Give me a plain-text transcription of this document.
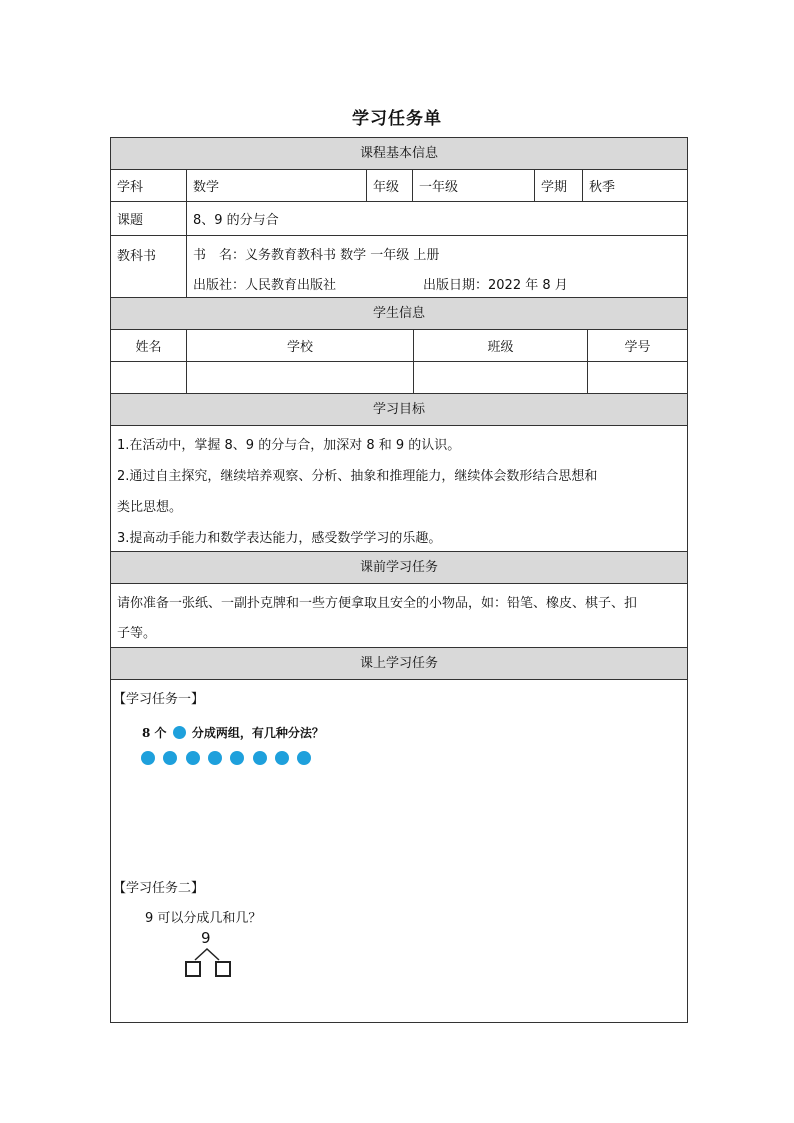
学习任务单
课程基本信息
学科	数学	年级	一年级	学期	秋季
课题	8、9 的分与合
教科书	书　名：义务教育教科书 数学 一年级 上册
出版社：人民教育出版社	出版日期：2022 年 8 月
学生信息
姓名	学校	班级	学号
学习目标
1.在活动中，掌握 8、9 的分与合，加深对 8 和 9 的认识。
2.通过自主探究，继续培养观察、分析、抽象和推理能力，继续体会数形结合思想和
类比思想。
3.提高动手能力和数学表达能力，感受数学学习的乐趣。
课前学习任务
请你准备一张纸、一副扑克牌和一些方便拿取且安全的小物品，如：铅笔、橡皮、棋子、扣
子等。
课上学习任务
【学习任务一】
8 个 分成两组，有几种分法？
【学习任务二】
9 可以分成几和几？
9
